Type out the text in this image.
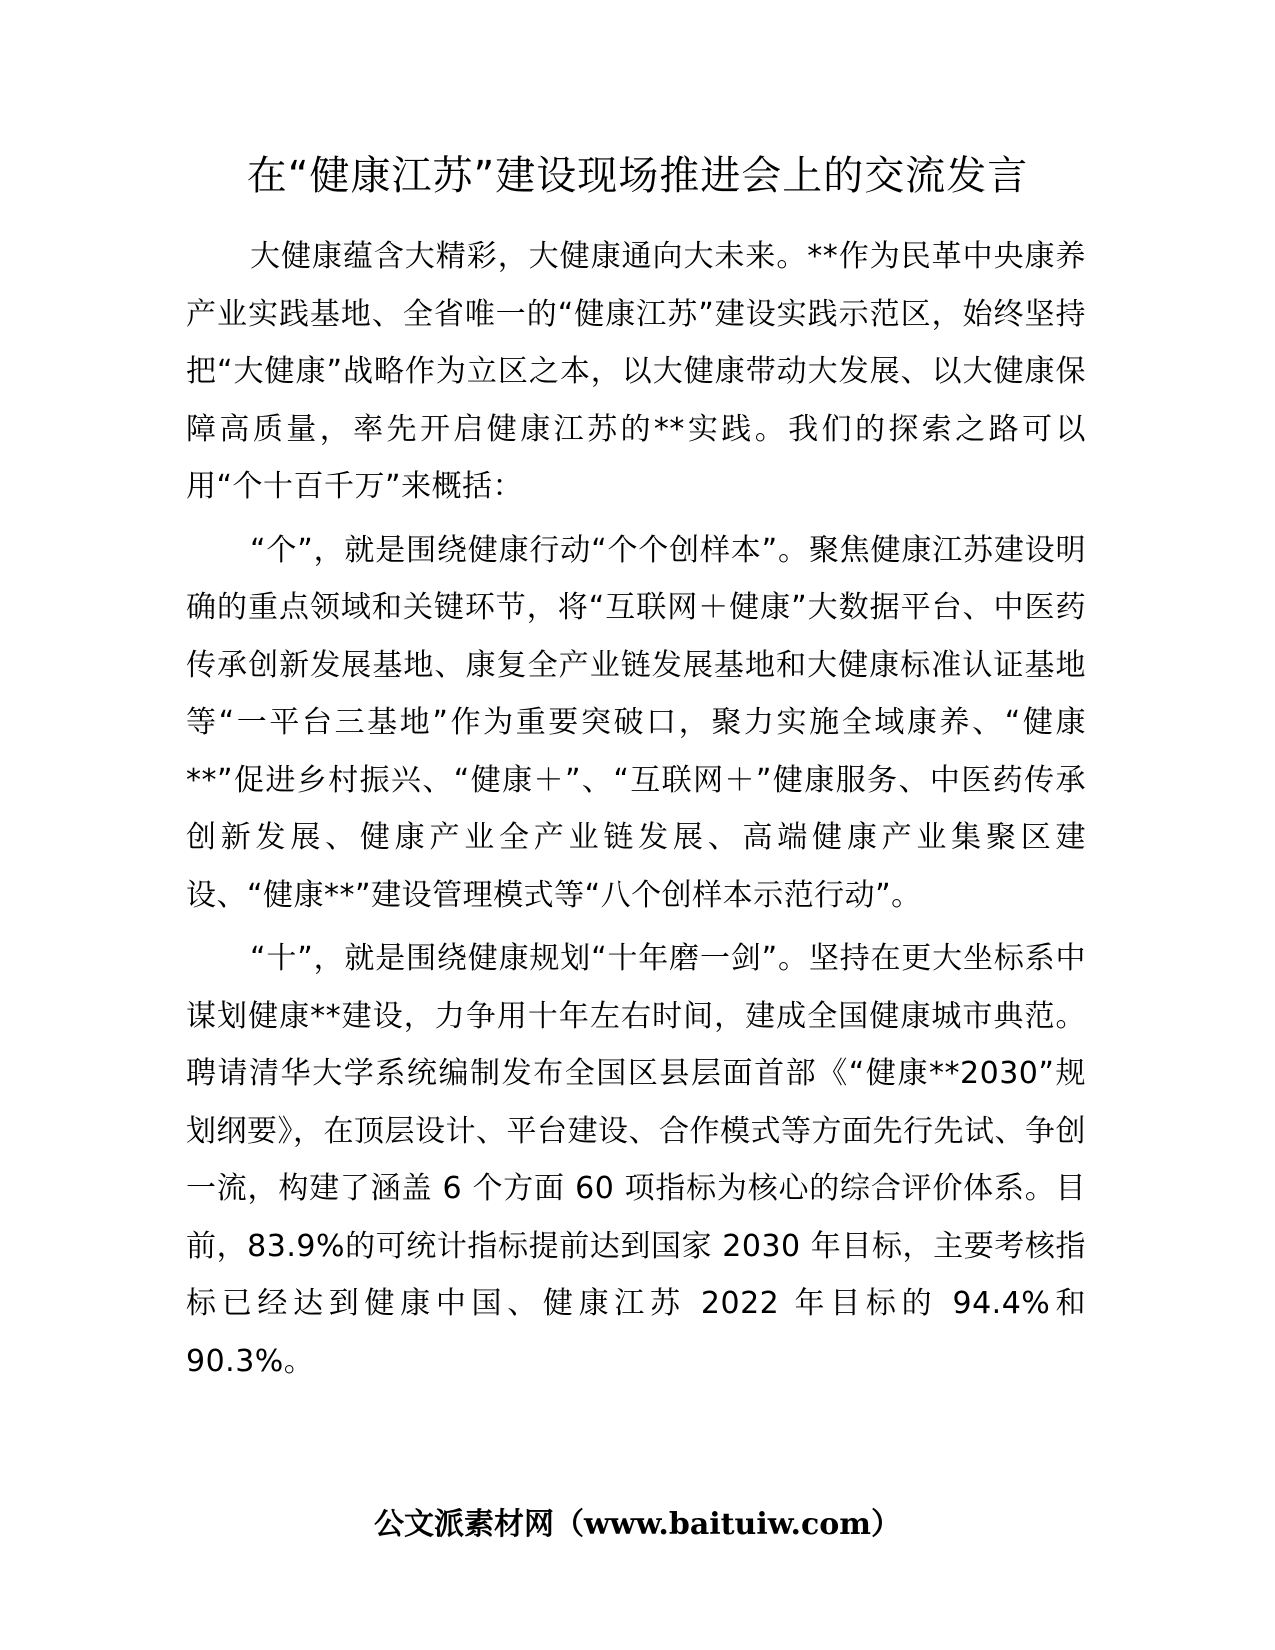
在“健康江苏”建设现场推进会上的交流发言

大健康蕴含大精彩，大健康通向大未来。**作为民革中央康养产业实践基地、全省唯一的“健康江苏”建设实践示范区，始终坚持把“大健康”战略作为立区之本，以大健康带动大发展、以大健康保障高质量，率先开启健康江苏的**实践。我们的探索之路可以用“个十百千万”来概括：

“个”，就是围绕健康行动“个个创样本”。聚焦健康江苏建设明确的重点领域和关键环节，将“互联网＋健康”大数据平台、中医药传承创新发展基地、康复全产业链发展基地和大健康标准认证基地等“一平台三基地”作为重要突破口，聚力实施全域康养、“健康**”促进乡村振兴、“健康＋”、“互联网＋”健康服务、中医药传承创新发展、健康产业全产业链发展、高端健康产业集聚区建设、“健康**”建设管理模式等“八个创样本示范行动”。

“十”，就是围绕健康规划“十年磨一剑”。坚持在更大坐标系中谋划健康**建设，力争用十年左右时间，建成全国健康城市典范。聘请清华大学系统编制发布全国区县层面首部《“健康**2030”规划纲要》，在顶层设计、平台建设、合作模式等方面先行先试、争创一流，构建了涵盖 6 个方面 60 项指标为核心的综合评价体系。目前，83.9%的可统计指标提前达到国家 2030 年目标，主要考核指标已经达到健康中国、健康江苏 2022 年目标的 94.4%和 90.3%。

公文派素材网（www.baituiw.com）
